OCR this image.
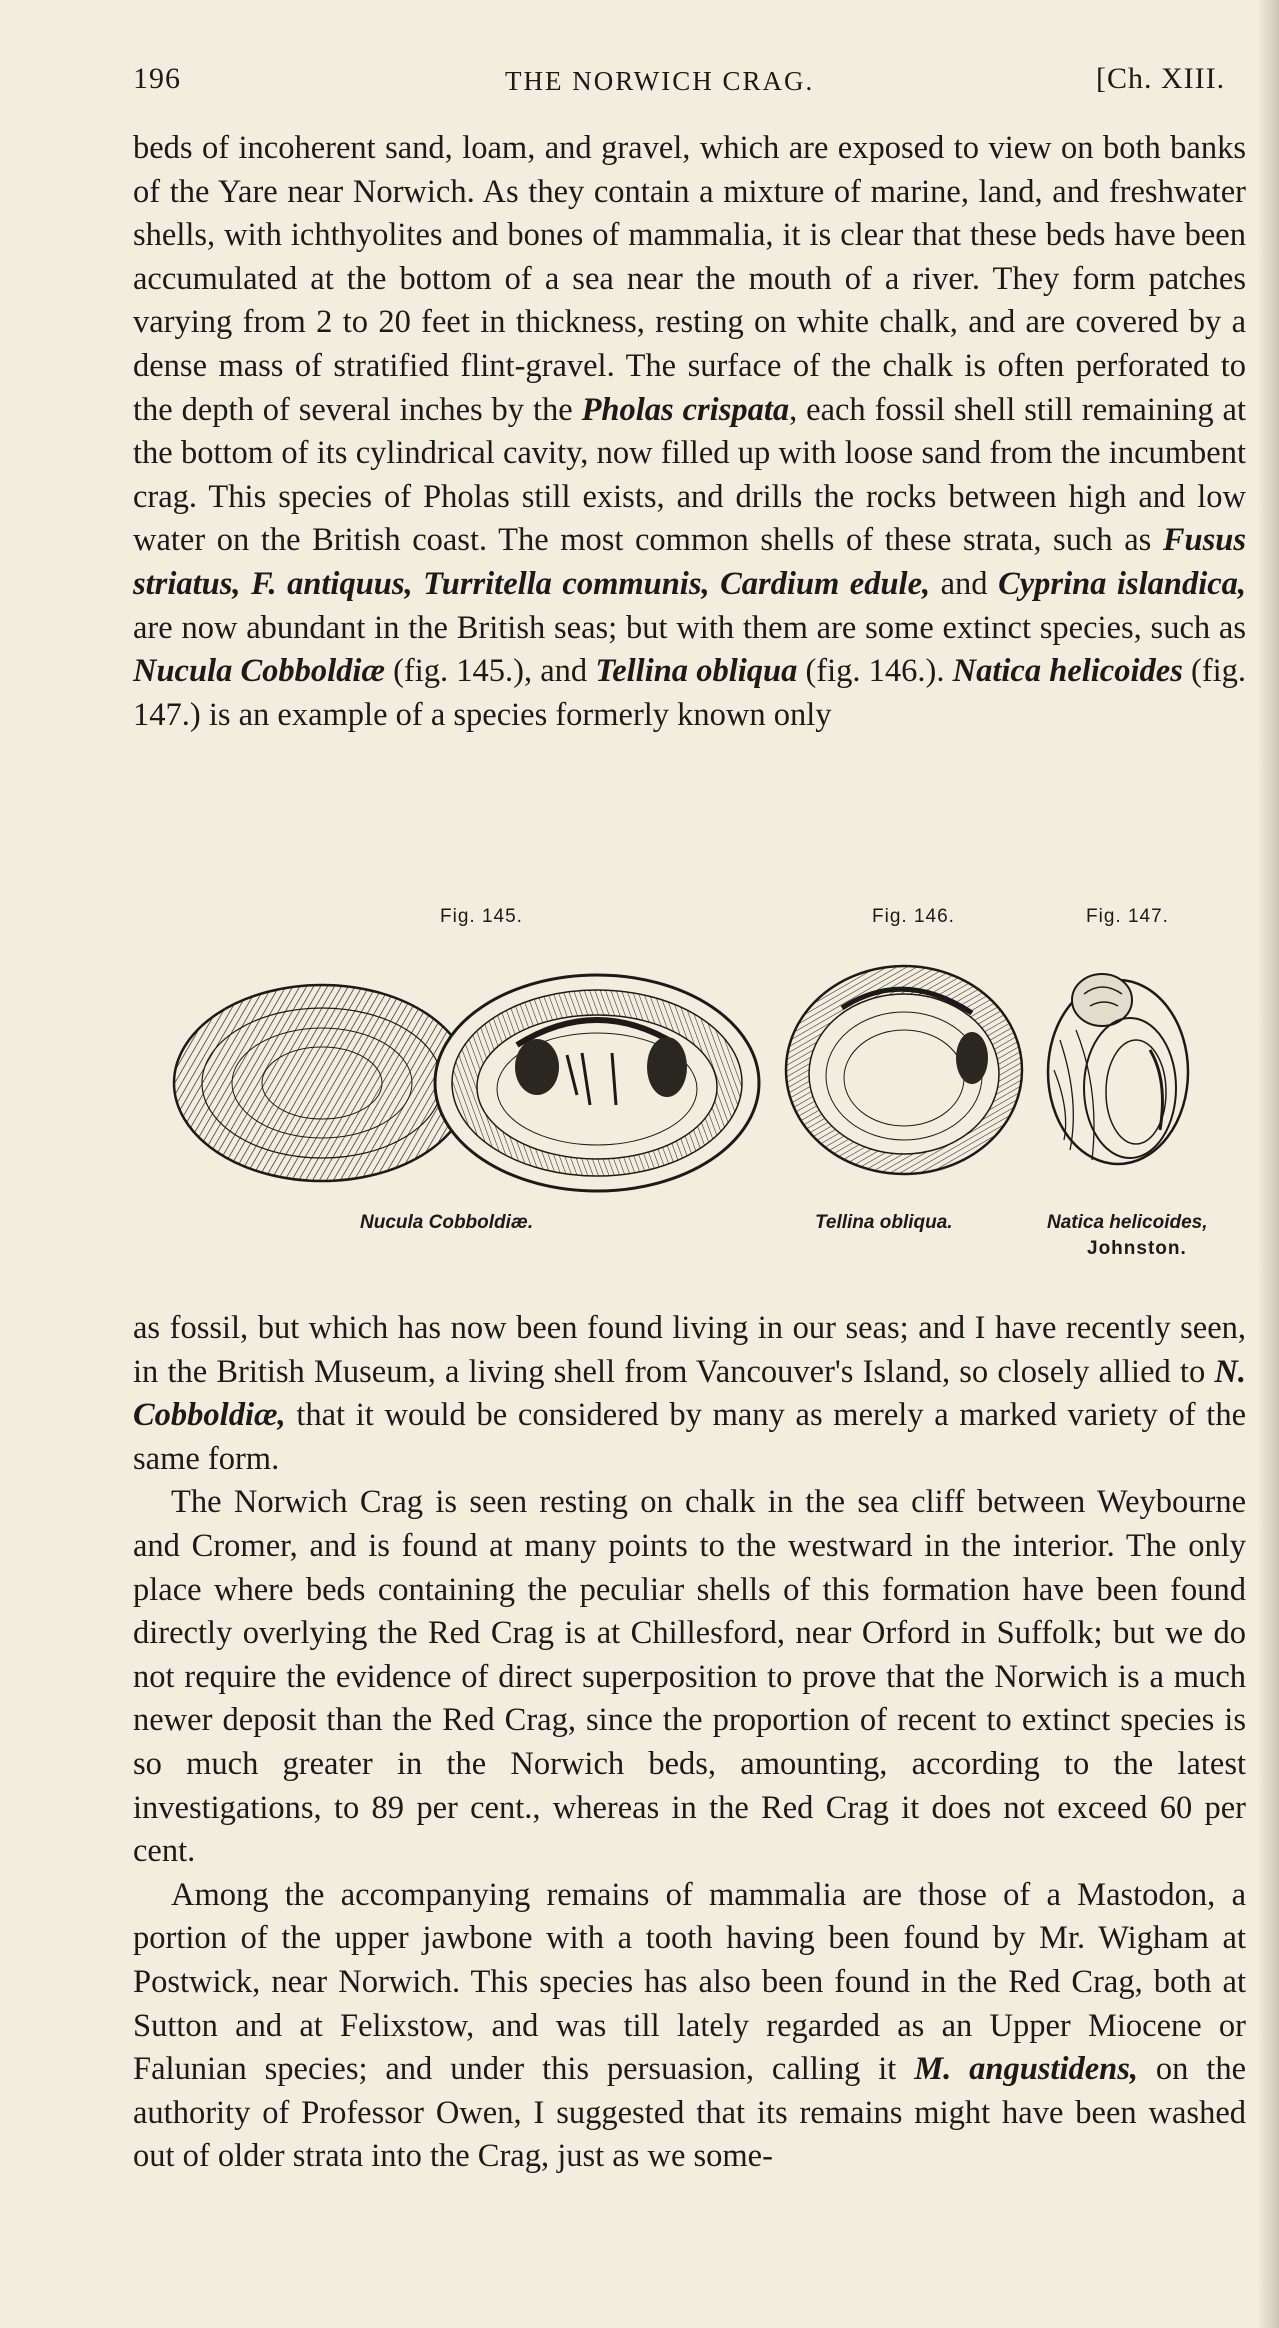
196	THE NORWICH CRAG.	[Ch. XIII.

beds of incoherent sand, loam, and gravel, which are exposed to view on both banks of the Yare near Norwich. As they contain a mixture of marine, land, and freshwater shells, with ichthyolites and bones of mammalia, it is clear that these beds have been accumulated at the bottom of a sea near the mouth of a river. They form patches varying from 2 to 20 feet in thickness, resting on white chalk, and are covered by a dense mass of stratified flint-gravel. The surface of the chalk is often perforated to the depth of several inches by the Pholas crispata, each fossil shell still remaining at the bottom of its cylindrical cavity, now filled up with loose sand from the incumbent crag. This species of Pholas still exists, and drills the rocks between high and low water on the British coast. The most common shells of these strata, such as Fusus striatus, F. antiquus, Turritella communis, Cardium edule, and Cyprina islandica, are now abundant in the British seas; but with them are some extinct species, such as Nucula Cobboldiæ (fig. 145.), and Tellina obliqua (fig. 146.). Natica helicoides (fig. 147.) is an example of a species formerly known only

Fig. 145.	Fig. 146.	Fig. 147.
Nucula Cobboldiæ.	Tellina obliqua.	Natica helicoides,
Johnston.

as fossil, but which has now been found living in our seas; and I have recently seen, in the British Museum, a living shell from Vancouver's Island, so closely allied to N. Cobboldiæ, that it would be considered by many as merely a marked variety of the same form.
The Norwich Crag is seen resting on chalk in the sea cliff between Weybourne and Cromer, and is found at many points to the westward in the interior. The only place where beds containing the peculiar shells of this formation have been found directly overlying the Red Crag is at Chillesford, near Orford in Suffolk; but we do not require the evidence of direct superposition to prove that the Norwich is a much newer deposit than the Red Crag, since the proportion of recent to extinct species is so much greater in the Norwich beds, amounting, according to the latest investigations, to 89 per cent., whereas in the Red Crag it does not exceed 60 per cent.
Among the accompanying remains of mammalia are those of a Mastodon, a portion of the upper jawbone with a tooth having been found by Mr. Wigham at Postwick, near Norwich. This species has also been found in the Red Crag, both at Sutton and at Felixstow, and was till lately regarded as an Upper Miocene or Falunian species; and under this persuasion, calling it M. angustidens, on the authority of Professor Owen, I suggested that its remains might have been washed out of older strata into the Crag, just as we some-
